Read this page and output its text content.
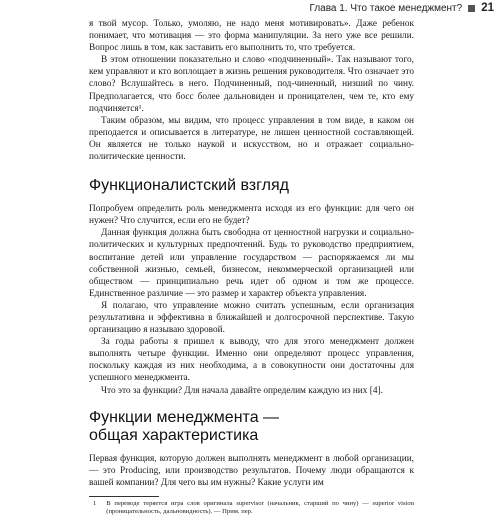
Глава 1. Что такое менеджмент? 21

я твой мусор. Только, умоляю, не надо меня мотивировать». Даже ребенок понимает, что мотивация — это форма манипуляции. За него уже все решили. Вопрос лишь в том, как заставить его выполнить то, что требуется.

В этом отношении показательно и слово «подчиненный». Так называют того, кем управляют и кто воплощает в жизнь решения руководителя. Что означает это слово? Вслушайтесь в него. Подчиненный, под-чиненный, низший по чину. Предполагается, что босс более дальновиден и проницателен, чем те, кто ему подчиняется¹.

Таким образом, мы видим, что процесс управления в том виде, в каком он преподается и описывается в литературе, не лишен ценностной составляющей. Он является не только наукой и искусством, но и отражает социально-политические ценности.

Функционалистский взгляд

Попробуем определить роль менеджмента исходя из его функции: для чего он нужен? Что случится, если его не будет?

Данная функция должна быть свободна от ценностной нагрузки и социально-политических и культурных предпочтений. Будь то руководство предприятием, воспитание детей или управление государством — распоряжаемся ли мы собственной жизнью, семьей, бизнесом, некоммерческой организацией или обществом — принципиально речь идет об одном и том же процессе. Единственное различие — это размер и характер объекта управления.

Я полагаю, что управление можно считать успешным, если организация результативна и эффективна в ближайшей и долгосрочной перспективе. Такую организацию я называю здоровой.

За годы работы я пришел к выводу, что для этого менеджмент должен выполнять четыре функции. Именно они определяют процесс управления, поскольку каждая из них необходима, а в совокупности они достаточны для успешного менеджмента.

Что это за функции? Для начала давайте определим каждую из них [4].

Функции менеджмента —
общая характеристика

Первая функция, которую должен выполнять менеджмент в любой организации, — это Producing, или производство результатов. Почему люди обращаются к вашей компании? Для чего вы им нужны? Какие услуги им

1 В переводе теряется игра слов оригинала supervisor (начальник, старший по чину) — superior vision (проницательность, дальновидность). — Прим. пер.
